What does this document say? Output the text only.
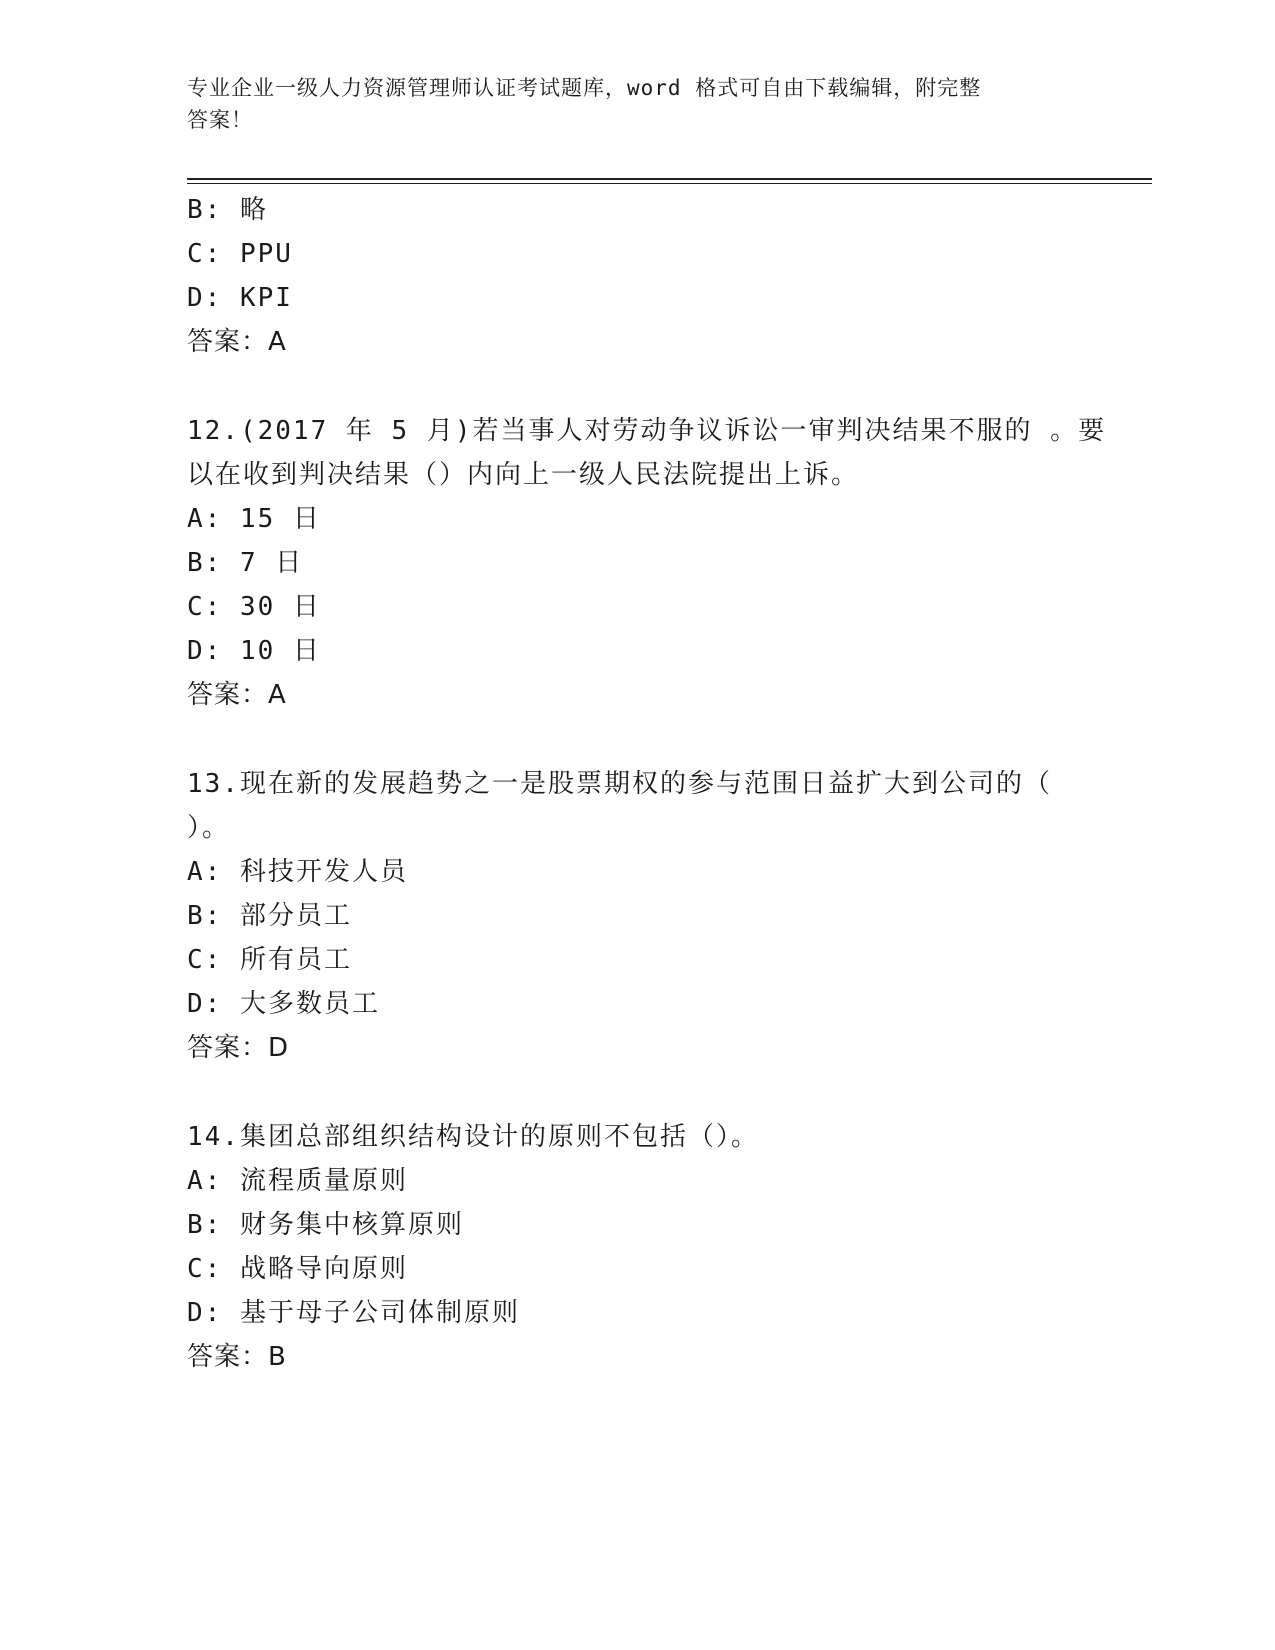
专业企业一级人力资源管理师认证考试题库，word 格式可自由下载编辑，附完整
答案！
B: 略
C: PPU
D: KPI
答案：A
12.(2017 年 5 月)若当事人对劳动争议诉讼一审判决结果不服的 。要
以在收到判决结果（）内向上一级人民法院提出上诉。
A: 15 日
B: 7 日
C: 30 日
D: 10 日
答案：A
13.现在新的发展趋势之一是股票期权的参与范围日益扩大到公司的（
）。
A: 科技开发人员
B: 部分员工
C: 所有员工
D: 大多数员工
答案：D
14.集团总部组织结构设计的原则不包括（）。
A: 流程质量原则
B: 财务集中核算原则
C: 战略导向原则
D: 基于母子公司体制原则
答案：B
